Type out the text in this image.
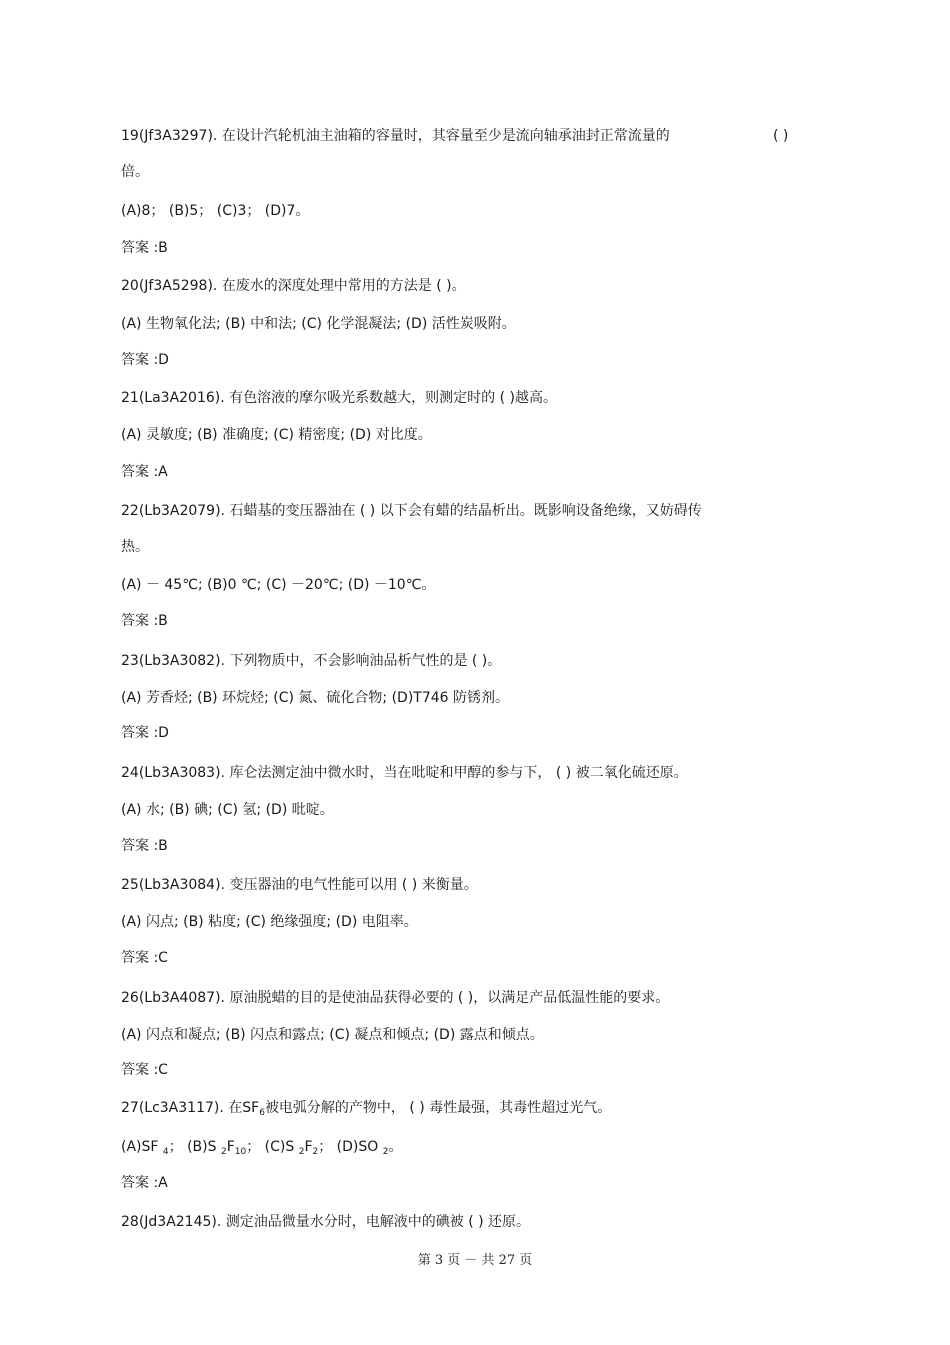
19(Jf3A3297). 在设计汽轮机油主油箱的容量时，其容量至少是流向轴承油封正常流量的	( )
倍。
(A)8； (B)5； (C)3； (D)7。
答案 :B
20(Jf3A5298). 在废水的深度处理中常用的方法是 ( )。
(A) 生物氧化法; (B) 中和法; (C) 化学混凝法; (D) 活性炭吸附。
答案 :D
21(La3A2016). 有色溶液的摩尔吸光系数越大，则测定时的 ( )越高。
(A) 灵敏度; (B) 准确度; (C) 精密度; (D) 对比度。
答案 :A
22(Lb3A2079). 石蜡基的变压器油在 ( ) 以下会有蜡的结晶析出。既影响设备绝缘，又妨碍传
热。
(A) － 45℃; (B)0 ℃; (C) －20℃; (D) －10℃。
答案 :B
23(Lb3A3082). 下列物质中，不会影响油品析气性的是 ( )。
(A) 芳香烃; (B) 环烷烃; (C) 氮、硫化合物; (D)T746 防锈剂。
答案 :D
24(Lb3A3083). 库仑法测定油中微水时，当在吡啶和甲醇的参与下， ( ) 被二氧化硫还原。
(A) 水; (B) 碘; (C) 氢; (D) 吡啶。
答案 :B
25(Lb3A3084). 变压器油的电气性能可以用 ( ) 来衡量。
(A) 闪点; (B) 粘度; (C) 绝缘强度; (D) 电阻率。
答案 :C
26(Lb3A4087). 原油脱蜡的目的是使油品获得必要的 ( )，以满足产品低温性能的要求。
(A) 闪点和凝点; (B) 闪点和露点; (C) 凝点和倾点; (D) 露点和倾点。
答案 :C
27(Lc3A3117). 在$SF_6$被电弧分解的产物中， ( ) 毒性最强，其毒性超过光气。
(A)SF $_4$； (B)S $_2F_{10}$； (C)S $_2F_2$； (D)SO $_2$。
答案 :A
28(Jd3A2145). 测定油品微量水分时，电解液中的碘被 ( ) 还原。
第 3 页 － 共 27 页
